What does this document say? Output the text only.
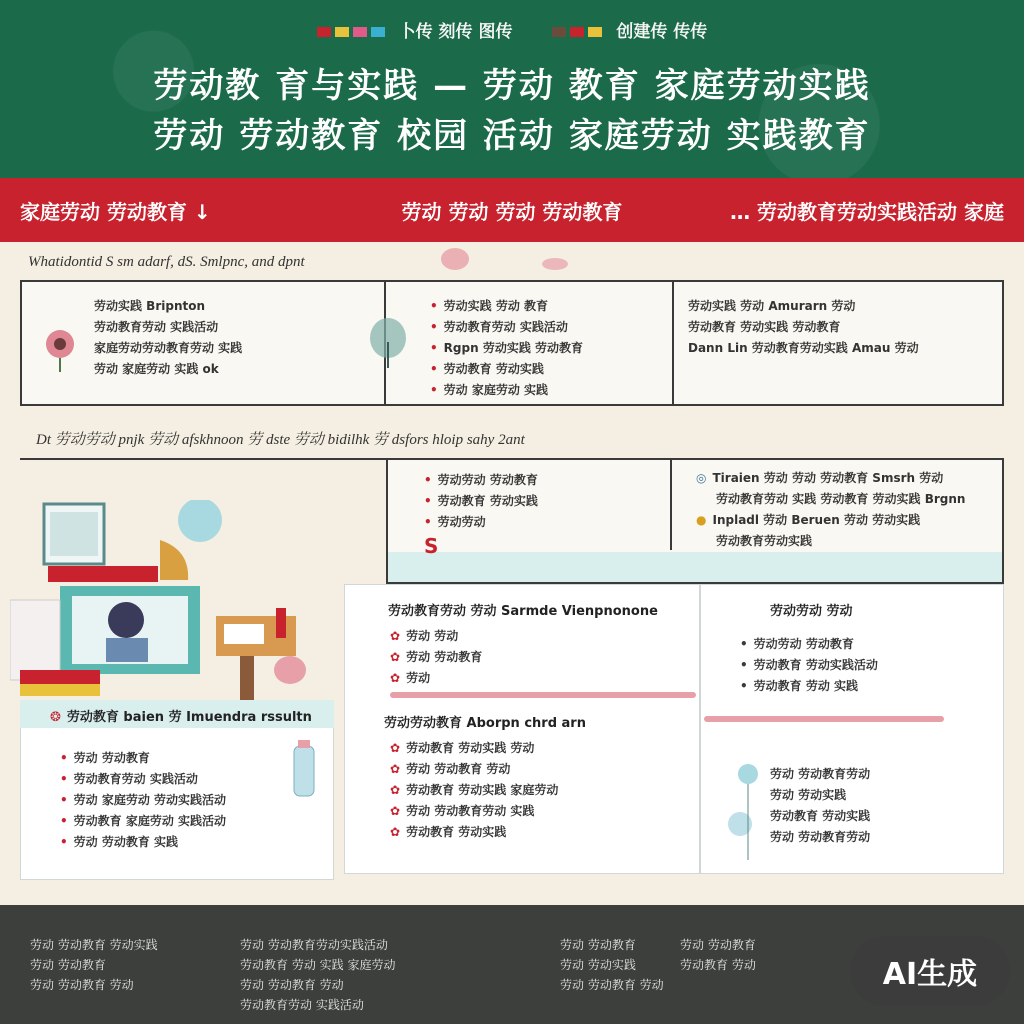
卜传 刻传 图传	创建传 传传
劳动教 育与实践 — 劳动 教育 家庭劳动实践
劳动 劳动教育 校园 活动 家庭劳动 实践教育
家庭劳动 劳动教育 ↓	劳动 劳动 劳动 劳动教育	… 劳动教育劳动实践活动 家庭
Whatidontid S sm adarf, dS. Smlpnc, and dpnt
劳动实践 Bripnton
劳动教育劳动 实践活动
家庭劳动劳动教育劳动 实践
劳动 家庭劳动 实践 ok
• 劳动实践 劳动 教育
• 劳动教育劳动 实践活动
• Rgpn 劳动实践 劳动教育
• 劳动教育 劳动实践
• 劳动 家庭劳动 实践
劳动实践 劳动 Amurarn 劳动
劳动教育 劳动实践 劳动教育
Dann Lin 劳动教育劳动实践 Amau 劳动
Dt 劳动劳动 pnjk 劳动 afskhnoon 劳 dste 劳动 bidilhk 劳 dsfors hloip sahy 2ant
• 劳动劳动 劳动教育
• 劳动教育 劳动实践
• 劳动劳动
S
◎ Tiraien 劳动 劳动 劳动教育 Smsrh 劳动
劳动教育劳动 实践 劳动教育 劳动实践 Brgnn
● Inpladl 劳动 Beruen 劳动 劳动实践
劳动教育劳动实践
❂ 劳动教育 baien 劳 Imuendra rssultn
• 劳动 劳动教育
• 劳动教育劳动 实践活动
• 劳动 家庭劳动 劳动实践活动
• 劳动教育 家庭劳动 实践活动
• 劳动 劳动教育 实践
劳动教育劳动 劳动 Sarmde Vienpnonone
✿ 劳动 劳动
✿ 劳动 劳动教育
✿ 劳动
劳动劳动教育 Aborpn chrd arn
✿ 劳动教育 劳动实践 劳动
✿ 劳动 劳动教育 劳动
✿ 劳动教育 劳动实践 家庭劳动
✿ 劳动 劳动教育劳动 实践
✿ 劳动教育 劳动实践
劳动劳动 劳动
• 劳动劳动 劳动教育
• 劳动教育 劳动实践活动
• 劳动教育 劳动 实践
劳动 劳动教育劳动
劳动 劳动实践
劳动教育 劳动实践
劳动 劳动教育劳动
劳动 劳动教育 劳动实践
劳动 劳动教育
劳动 劳动教育 劳动
劳动 劳动教育劳动实践活动
劳动教育 劳动 实践 家庭劳动
劳动 劳动教育 劳动
劳动教育劳动 实践活动
劳动 劳动教育
劳动 劳动实践
劳动 劳动教育 劳动
劳动 劳动教育
劳动教育 劳动	AI生成
